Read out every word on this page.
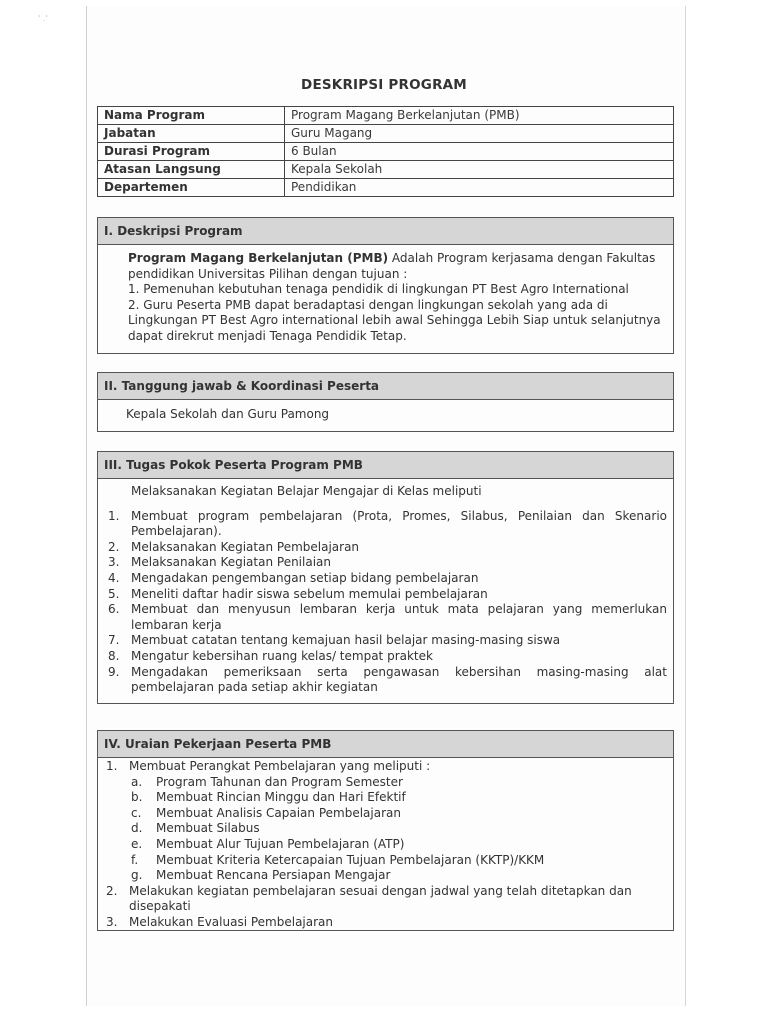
' .'
DESKRIPSI PROGRAM
Nama Program	Program Magang Berkelanjutan (PMB)
Jabatan	Guru Magang
Durasi Program	6 Bulan
Atasan Langsung	Kepala Sekolah
Departemen	Pendidikan
I. Deskripsi Program
Program Magang Berkelanjutan (PMB) Adalah Program kerjasama dengan Fakultas pendidikan Universitas Pilihan dengan tujuan :
1. Pemenuhan kebutuhan tenaga pendidik di lingkungan PT Best Agro International
2. Guru Peserta PMB dapat beradaptasi dengan lingkungan sekolah yang ada di Lingkungan PT Best Agro international lebih awal Sehingga Lebih Siap untuk selanjutnya dapat direkrut menjadi Tenaga Pendidik Tetap.
II. Tanggung jawab & Koordinasi Peserta
Kepala Sekolah dan Guru Pamong
III. Tugas Pokok Peserta Program PMB
Melaksanakan Kegiatan Belajar Mengajar di Kelas meliputi
1. Membuat program pembelajaran (Prota, Promes, Silabus, Penilaian dan Skenario Pembelajaran).
2. Melaksanakan Kegiatan Pembelajaran
3. Melaksanakan Kegiatan Penilaian
4. Mengadakan pengembangan setiap bidang pembelajaran
5. Meneliti daftar hadir siswa sebelum memulai pembelajaran
6. Membuat dan menyusun lembaran kerja untuk mata pelajaran yang memerlukan lembaran kerja
7. Membuat catatan tentang kemajuan hasil belajar masing-masing siswa
8. Mengatur kebersihan ruang kelas/ tempat praktek
9. Mengadakan pemeriksaan serta pengawasan kebersihan masing-masing alat pembelajaran pada setiap akhir kegiatan
IV. Uraian Pekerjaan Peserta PMB
1. Membuat Perangkat Pembelajaran yang meliputi :
a.	Program Tahunan dan Program Semester
b.	Membuat Rincian Minggu dan Hari Efektif
c.	Membuat Analisis Capaian Pembelajaran
d.	Membuat Silabus
e.	Membuat Alur Tujuan Pembelajaran (ATP)
f.	Membuat Kriteria Ketercapaian Tujuan Pembelajaran (KKTP)/KKM
g.	Membuat Rencana Persiapan Mengajar
2. Melakukan kegiatan pembelajaran sesuai dengan jadwal yang telah ditetapkan dan disepakati
3. Melakukan Evaluasi Pembelajaran
